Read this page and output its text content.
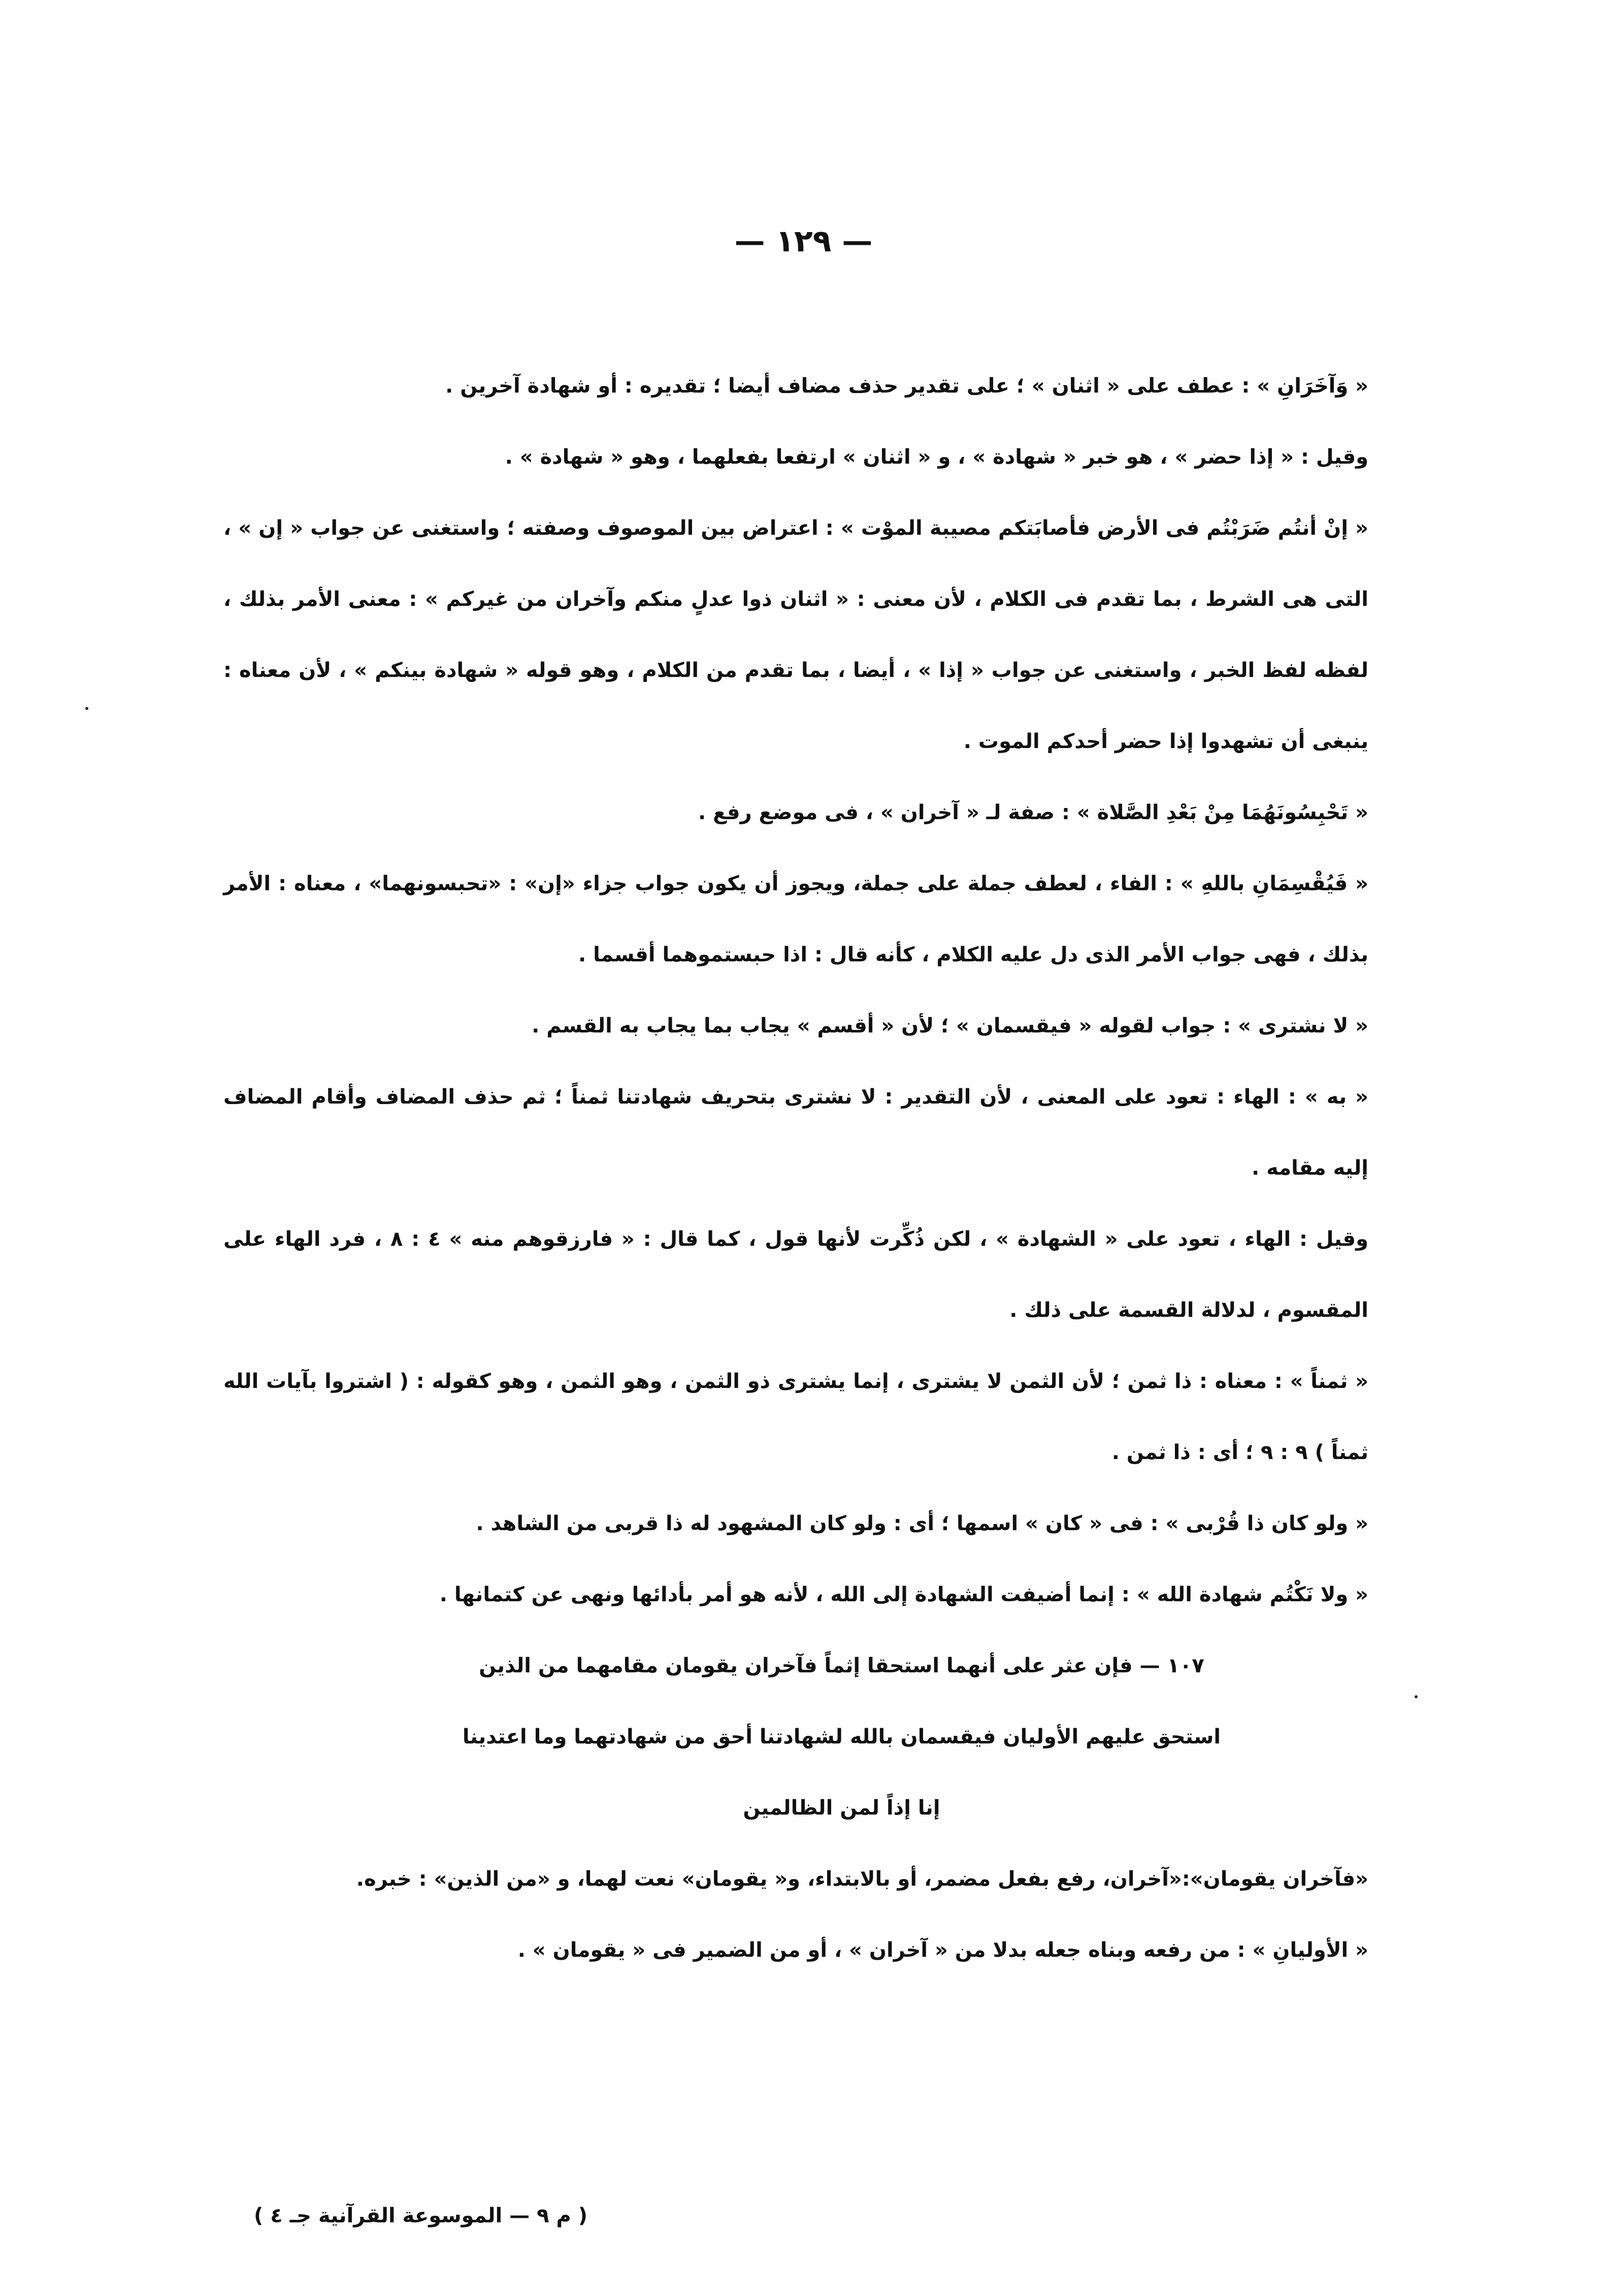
— ١٢٩ —

« وَآخَرَانِ » : عطف على « اثنان » ؛ على تقدير حذف مضاف أيضا ؛ تقديره : أو شهادة آخرين .

وقيل : « إذا حضر » ، هو خبر « شهادة » ، و « اثنان » ارتفعا بفعلهما ، وهو « شهادة » .

« إنْ أنتُم ضَرَبْتُم فى الأرض فأصابَتكم مصيبة الموْت » : اعتراض بين الموصوف وصفته ؛ واستغنى عن جواب « إن » ، التى هى الشرط ، بما تقدم فى الكلام ، لأن معنى : « اثنان ذوا عدلٍ منكم وآخران من غيركم » : معنى الأمر بذلك ، لفظه لفظ الخبر ، واستغنى عن جواب « إذا » ، أيضا ، بما تقدم من الكلام ، وهو قوله « شهادة بينكم » ، لأن معناه : ينبغى أن تشهدوا إذا حضر أحدكم الموت .

« تَحْبِسُونَهُمَا مِنْ بَعْدِ الصَّلاة » : صفة لـ « آخران » ، فى موضع رفع .

« فَيُقْسِمَانِ باللهِ » : الفاء ، لعطف جملة على جملة، ويجوز أن يكون جواب جزاء «إن» : «تحبسونهما» ، معناه : الأمر بذلك ، فهى جواب الأمر الذى دل عليه الكلام ، كأنه قال : اذا حبستموهما أقسما .

« لا نشترى » : جواب لقوله « فيقسمان » ؛ لأن « أقسم » يجاب بما يجاب به القسم .

« به » : الهاء : تعود على المعنى ، لأن التقدير : لا نشترى بتحريف شهادتنا ثمناً ؛ ثم حذف المضاف وأقام المضاف إليه مقامه .

وقيل : الهاء ، تعود على « الشهادة » ، لكن ذُكِّرت لأنها قول ، كما قال : « فارزقوهم منه » ٤ : ٨ ، فرد الهاء على المقسوم ، لدلالة القسمة على ذلك .

« ثمناً » : معناه : ذا ثمن ؛ لأن الثمن لا يشترى ، إنما يشترى ذو الثمن ، وهو الثمن ، وهو كقوله : ( اشتروا بآيات الله ثمناً ) ٩ : ٩ ؛ أى : ذا ثمن .

« ولو كان ذا قُرْبى » : فى « كان » اسمها ؛ أى : ولو كان المشهود له ذا قربى من الشاهد .

« ولا نَكْتُم شهادة الله » : إنما أضيفت الشهادة إلى الله ، لأنه هو أمر بأدائها ونهى عن كتمانها .

١٠٧ — فإن عثر على أنهما استحقا إثماً فآخران يقومان مقامهما من الذين
استحق عليهم الأوليان فيقسمان بالله لشهادتنا أحق من شهادتهما وما اعتدينا
إنا إذاً لمن الظالمين

«فآخران يقومان»:«آخران، رفع بفعل مضمر، أو بالابتداء، و« يقومان» نعت لهما، و «من الذين» : خبره.

« الأوليانِ » : من رفعه وبناه جعله بدلا من « آخران » ، أو من الضمير فى « يقومان » .

( م ٩ — الموسوعة القرآنية جـ ٤ )
